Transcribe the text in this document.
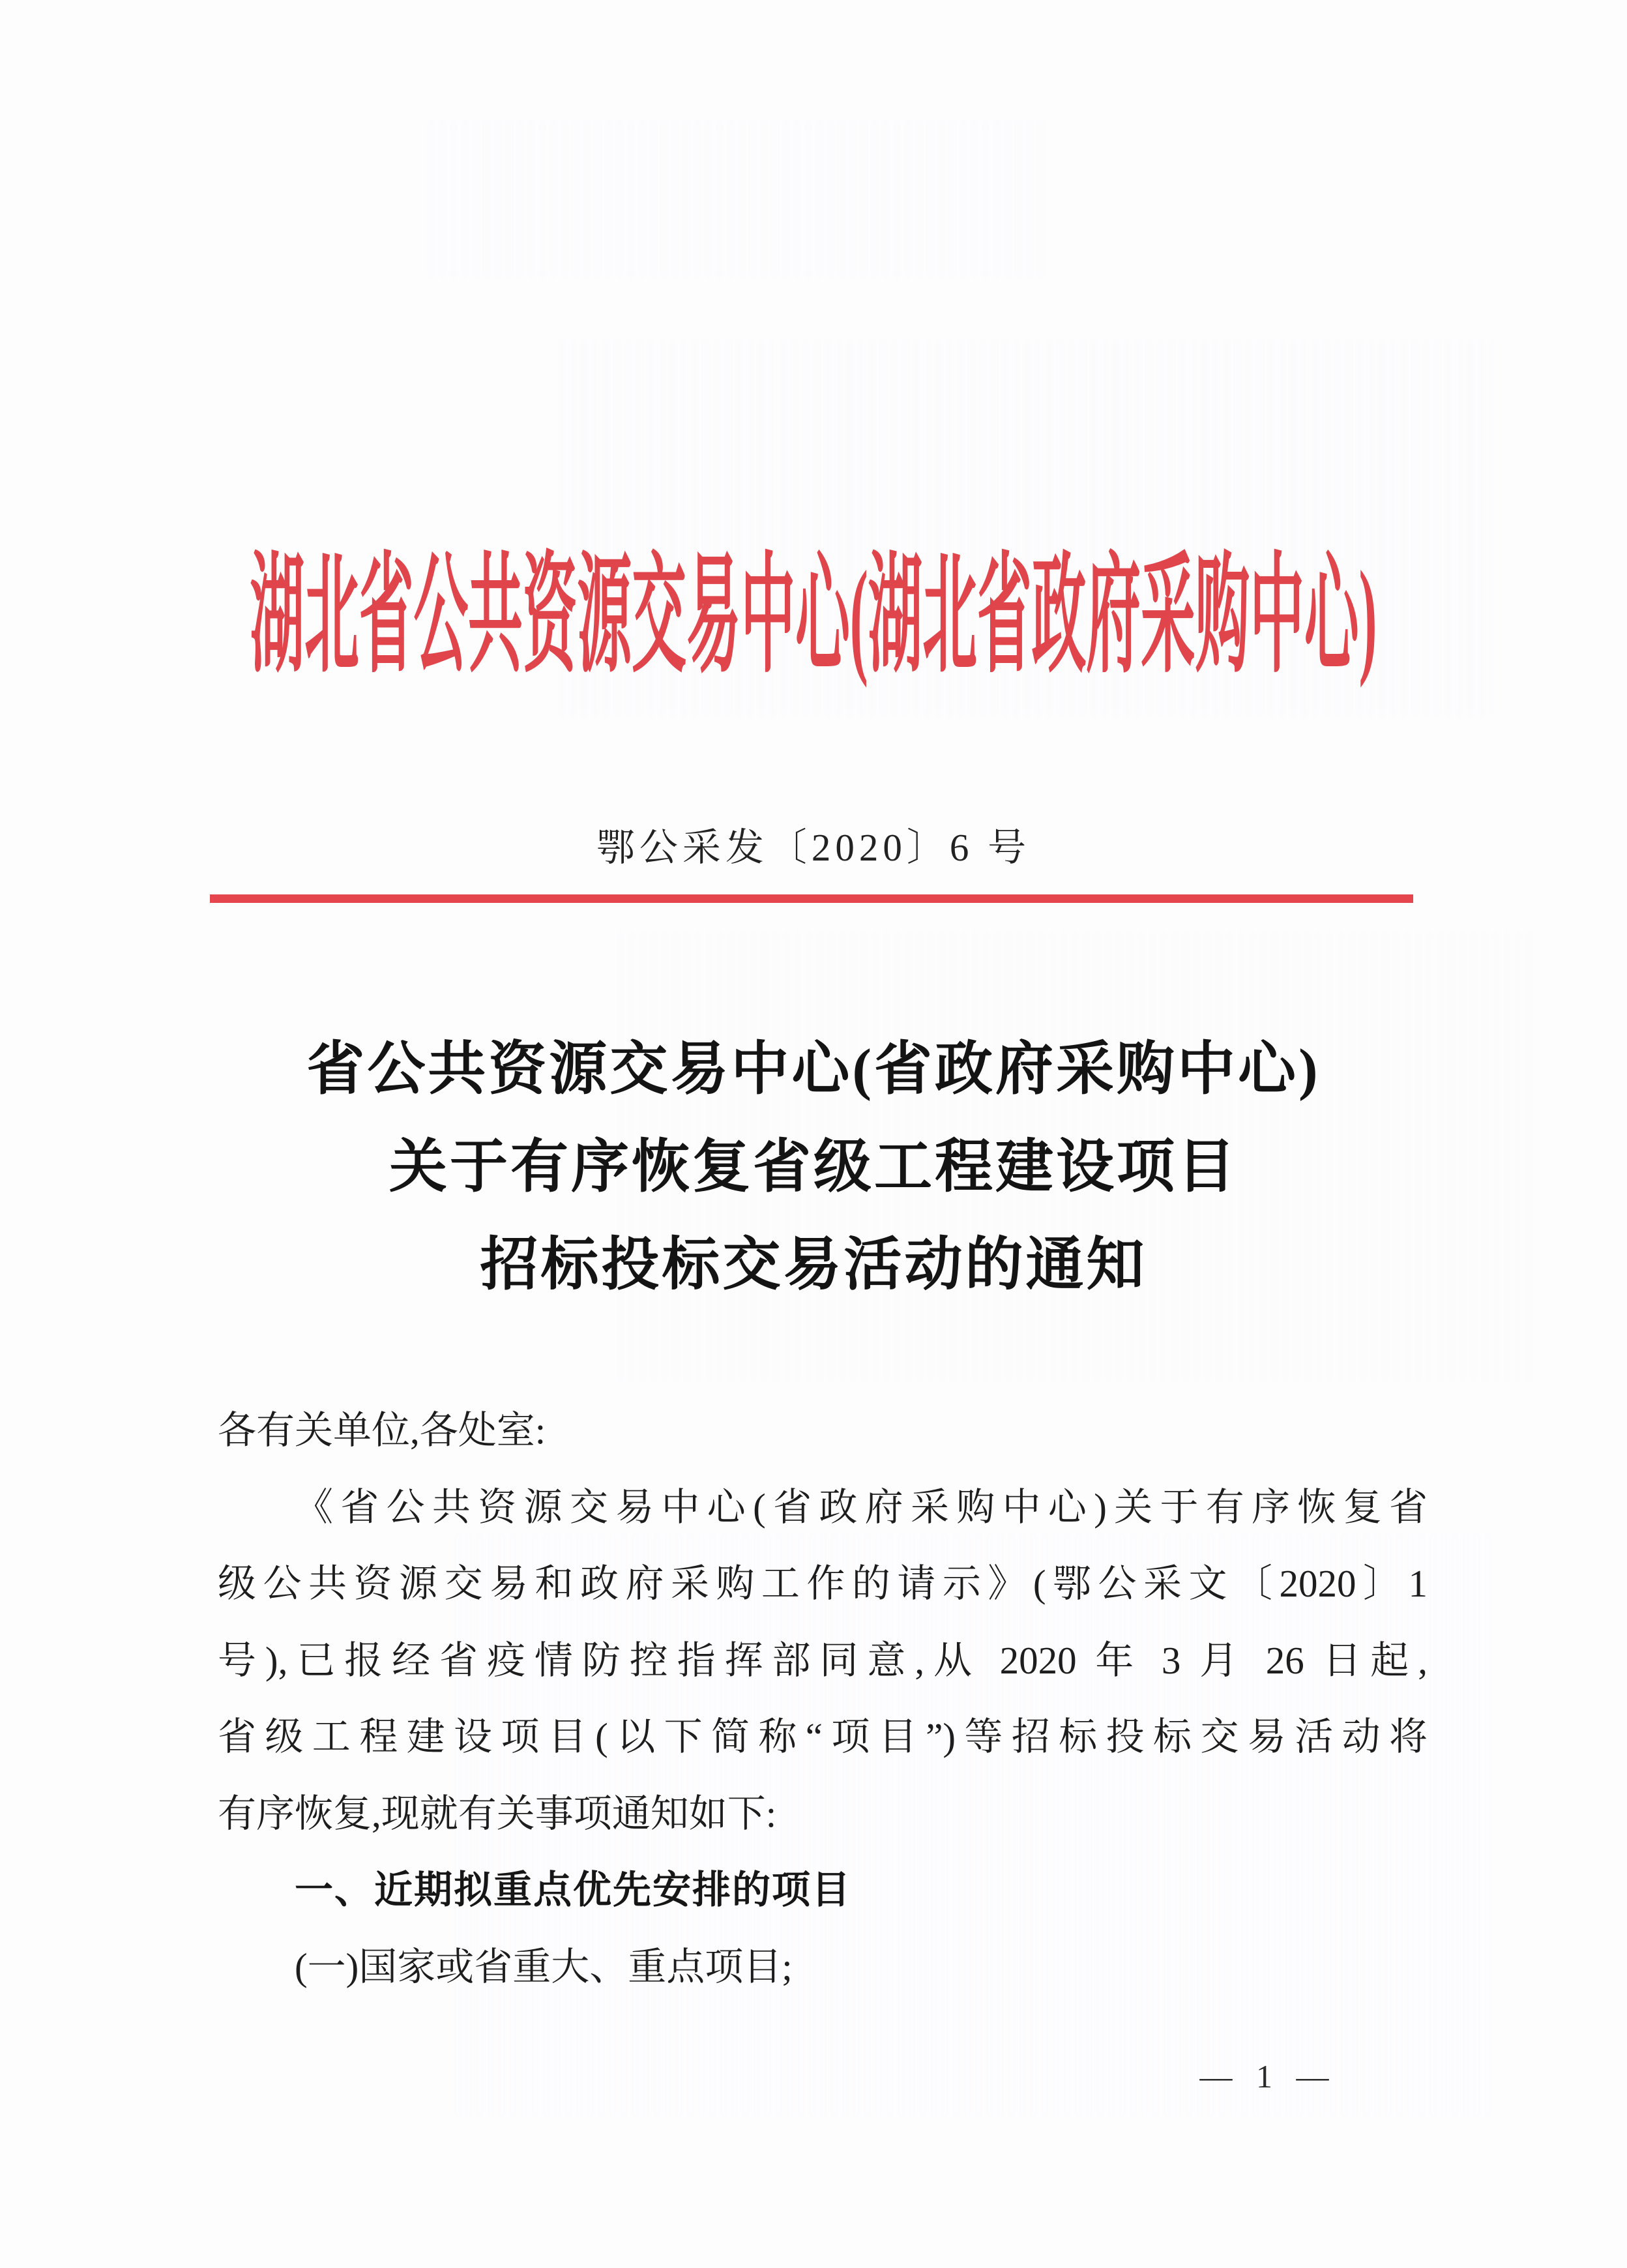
湖北省公共资源交易中心(湖北省政府采购中心)
鄂公采发〔2020〕6 号
省公共资源交易中心(省政府采购中心)
关于有序恢复省级工程建设项目
招标投标交易活动的通知
各有关单位,各处室:
《省公共资源交易中心(省政府采购中心)关于有序恢复省
级公共资源交易和政府采购工作的请示》(鄂公采文〔2020〕1
号),已报经省疫情防控指挥部同意,从 2020 年 3 月 26 日起,
省级工程建设项目(以下简称“项目”)等招标投标交易活动将
有序恢复,现就有关事项通知如下:
一、近期拟重点优先安排的项目
(一)国家或省重大、重点项目;
— 1 —
